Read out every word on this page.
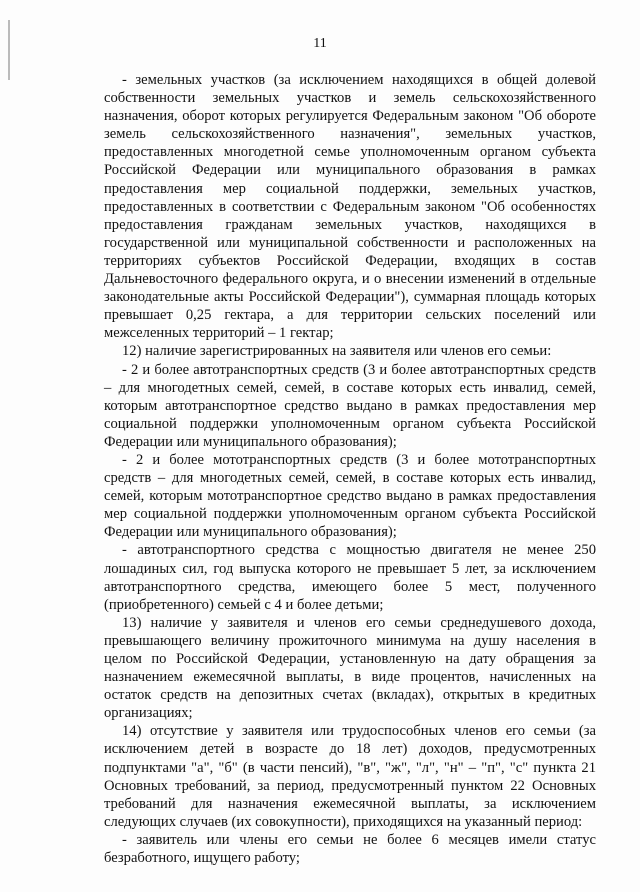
11

- земельных участков (за исключением находящихся в общей долевой собственности земельных участков и земель сельскохозяйственного назначения, оборот которых регулируется Федеральным законом "Об обороте земель сельскохозяйственного назначения", земельных участков, предоставленных многодетной семье уполномоченным органом субъекта Российской Федерации или муниципального образования в рамках предоставления мер социальной поддержки, земельных участков, предоставленных в соответствии с Федеральным законом "Об особенностях предоставления гражданам земельных участков, находящихся в государственной или муниципальной собственности и расположенных на территориях субъектов Российской Федерации, входящих в состав Дальневосточного федерального округа, и о внесении изменений в отдельные законодательные акты Российской Федерации"), суммарная площадь которых превышает 0,25 гектара, а для территории сельских поселений или межселенных территорий – 1 гектар;

12) наличие зарегистрированных на заявителя или членов его семьи:

- 2 и более автотранспортных средств (3 и более автотранспортных средств – для многодетных семей, семей, в составе которых есть инвалид, семей, которым автотранспортное средство выдано в рамках предоставления мер социальной поддержки уполномоченным органом субъекта Российской Федерации или муниципального образования);

- 2 и более мототранспортных средств (3 и более мототранспортных средств – для многодетных семей, семей, в составе которых есть инвалид, семей, которым мототранспортное средство выдано в рамках предоставления мер социальной поддержки уполномоченным органом субъекта Российской Федерации или муниципального образования);

- автотранспортного средства с мощностью двигателя не менее 250 лошадиных сил, год выпуска которого не превышает 5 лет, за исключением автотранспортного средства, имеющего более 5 мест, полученного (приобретенного) семьей с 4 и более детьми;

13) наличие у заявителя и членов его семьи среднедушевого дохода, превышающего величину прожиточного минимума на душу населения в целом по Российской Федерации, установленную на дату обращения за назначением ежемесячной выплаты, в виде процентов, начисленных на остаток средств на депозитных счетах (вкладах), открытых в кредитных организациях;

14) отсутствие у заявителя или трудоспособных членов его семьи (за исключением детей в возрасте до 18 лет) доходов, предусмотренных подпунктами "а", "б" (в части пенсий), "в", "ж", "л", "н" – "п", "с" пункта 21 Основных требований, за период, предусмотренный пунктом 22 Основных требований для назначения ежемесячной выплаты, за исключением следующих случаев (их совокупности), приходящихся на указанный период:

- заявитель или члены его семьи не более 6 месяцев имели статус безработного, ищущего работу;
